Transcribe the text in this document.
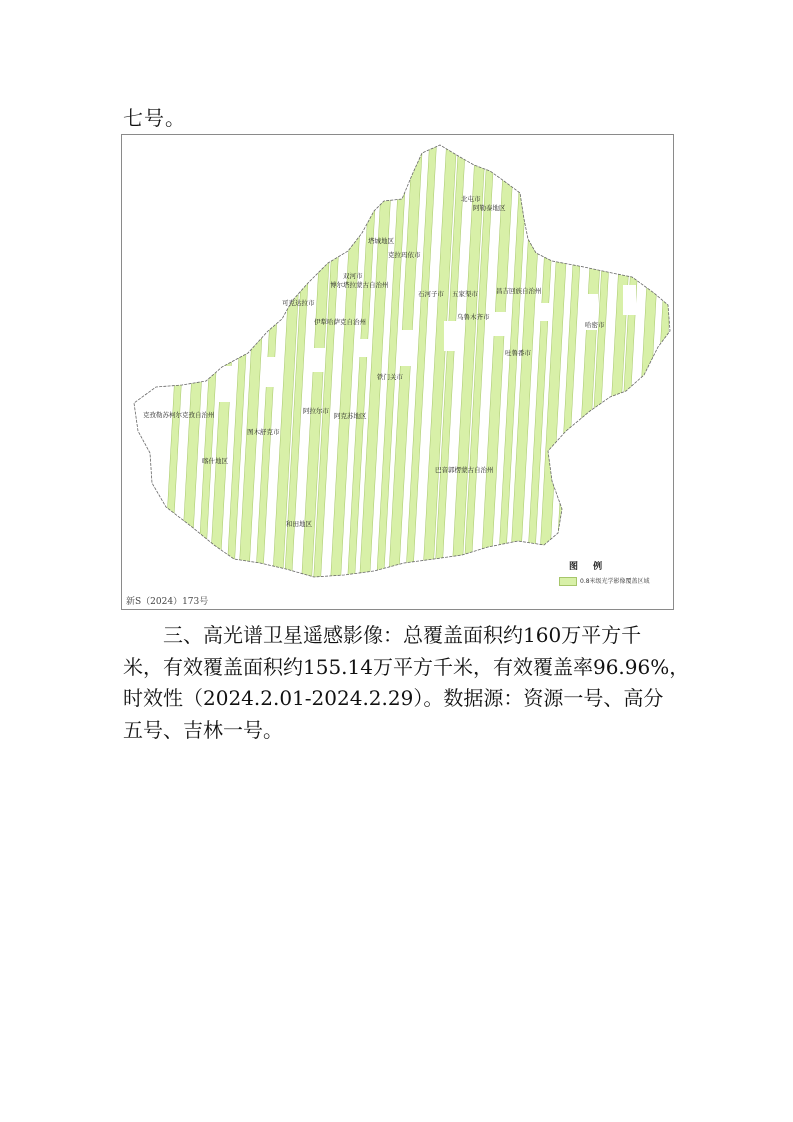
七号。
北屯市
阿勒泰地区
塔城地区
克拉玛依市
双河市
博尔塔拉蒙古自治州
石河子市 五家渠市	昌吉回族自治州
可克达拉市
伊犁哈萨克自治州
乌鲁木齐市
哈密市
吐鲁番市
铁门关市
克孜勒苏柯尔克孜自治州	阿拉尔市
阿克苏地区
图木舒克市
喀什地区
巴音郭楞蒙古自治州
和田地区
图 例
0.8米级光学影像覆盖区域
新S（2024）173号
　　三、高光谱卫星遥感影像：总覆盖面积约160万平方千
米，有效覆盖面积约155.14万平方千米，有效覆盖率96.96%，
时效性（2024.2.01-2024.2.29）。数据源：资源一号、高分
五号、吉林一号。
